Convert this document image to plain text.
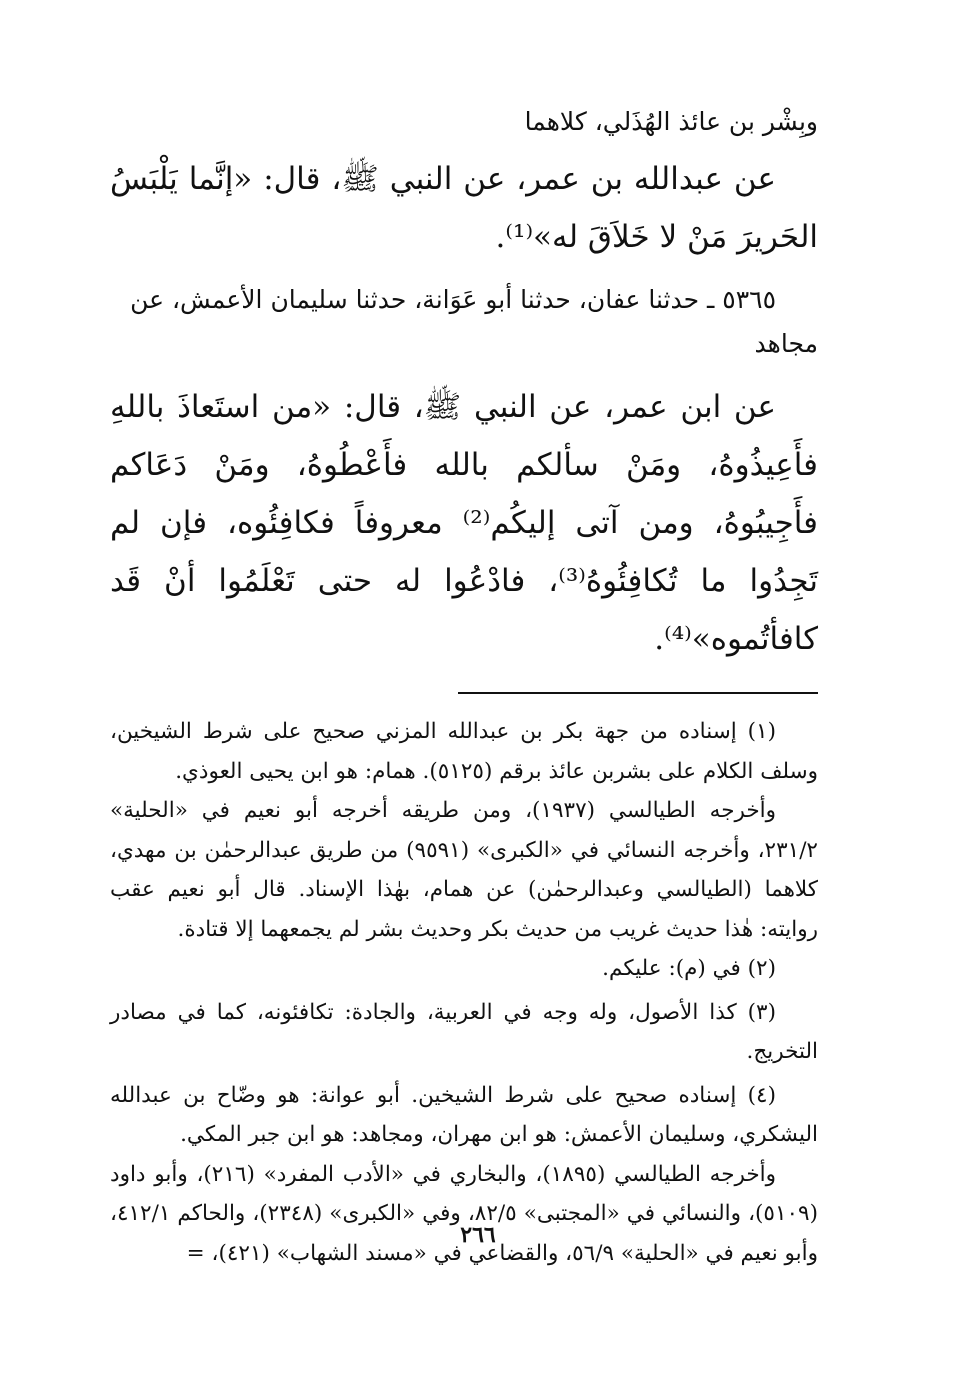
وبِشْر بن عائذ الهُذَلي، كلاهما

عن عبدالله بن عمر، عن النبي ﷺ، قال: «إنَّما يَلْبَسُ الحَريرَ مَنْ لا خَلاَقَ له»⁽¹⁾.

٥٣٦٥ ـ حدثنا عفان، حدثنا أبو عَوَانة، حدثنا سليمان الأعمش، عن مجاهد

عن ابن عمر، عن النبي ﷺ، قال: «من استَعاذَ باللهِ فأَعِيذُوهُ، ومَنْ سألكم بالله فأَعْطُوهُ، ومَنْ دَعَاكم فأَجِيبُوهُ، ومن آتى إليكُم⁽²⁾ معروفاً فكافِئُوه، فإن لم تَجِدُوا ما تُكافِئُوهُ⁽³⁾، فادْعُوا له حتى تَعْلَمُوا أنْ قَد كافأتُموه»⁽⁴⁾.

(١) إسناده من جهة بكر بن عبدالله المزني صحيح على شرط الشيخين، وسلف الكلام على بشربن عائذ برقم (٥١٢٥). همام: هو ابن يحيى العوذي.

وأخرجه الطيالسي (١٩٣٧)، ومن طريقه أخرجه أبو نعيم في «الحلية» ٢٣١/٢، وأخرجه النسائي في «الكبرى» (٩٥٩١) من طريق عبدالرحمٰن بن مهدي، كلاهما (الطيالسي وعبدالرحمٰن) عن همام، بهٰذا الإسناد. قال أبو نعيم عقب روايته: هٰذا حديث غريب من حديث بكر وحديث بشر لم يجمعهما إلا قتادة.

(٢) في (م): عليكم.

(٣) كذا الأصول، وله وجه في العربية، والجادة: تكافئونه، كما في مصادر التخريج.

(٤) إسناده صحيح على شرط الشيخين. أبو عوانة: هو وضّاح بن عبدالله اليشكري، وسليمان الأعمش: هو ابن مهران، ومجاهد: هو ابن جبر المكي.

وأخرجه الطيالسي (١٨٩٥)، والبخاري في «الأدب المفرد» (٢١٦)، وأبو داود (٥١٠٩)، والنسائي في «المجتبى» ٨٢/٥، وفي «الكبرى» (٢٣٤٨)، والحاكم ٤١٢/١، وأبو نعيم في «الحلية» ٥٦/٩، والقضاعي في «مسند الشهاب» (٤٢١)، =

٢٦٦
